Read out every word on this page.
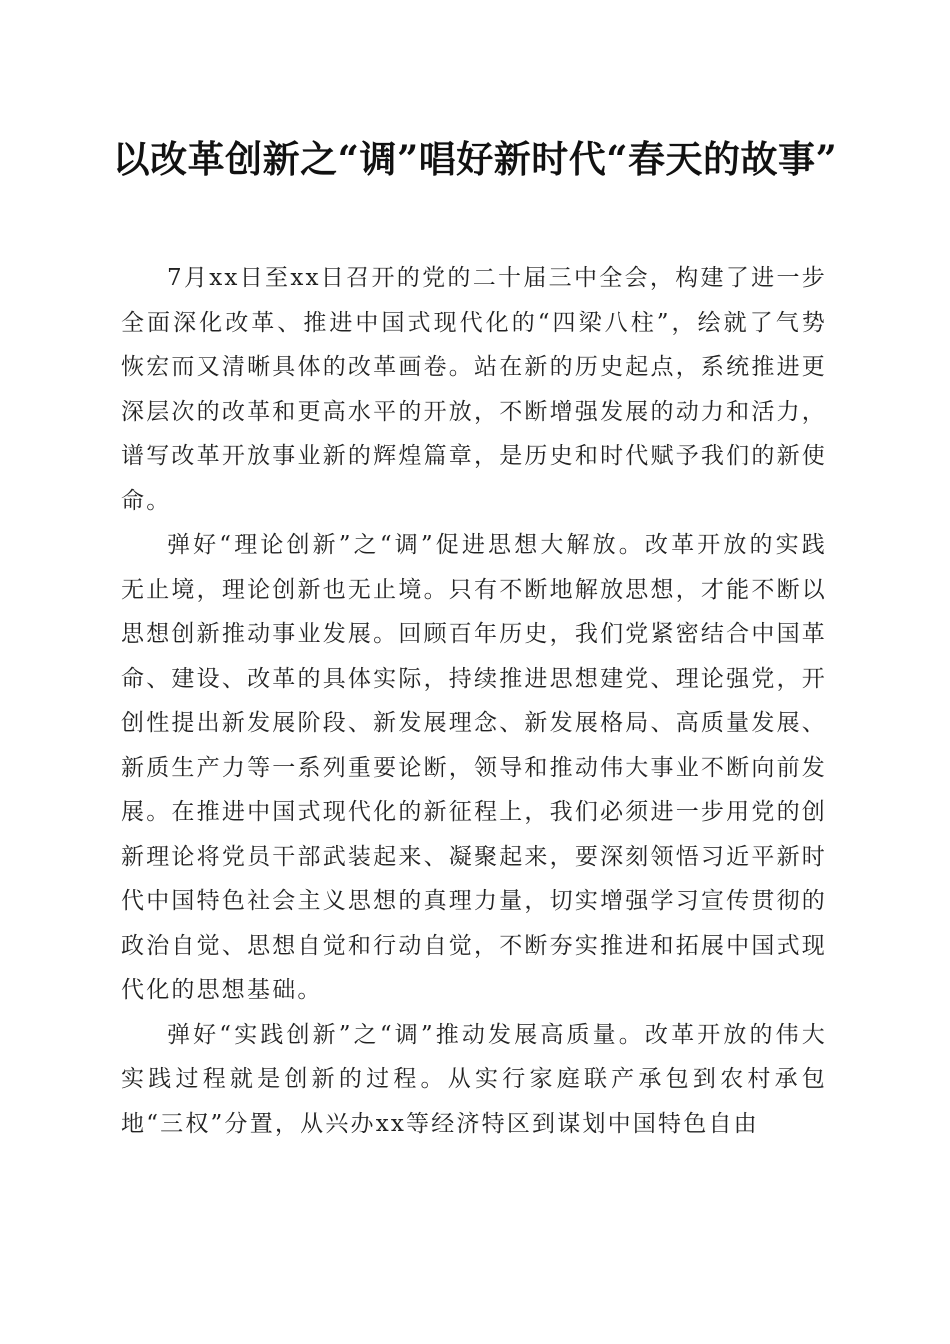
以改革创新之“调”唱好新时代“春天的故事”

7月xx日至xx日召开的党的二十届三中全会，构建了进一步全面深化改革、推进中国式现代化的“四梁八柱”，绘就了气势恢宏而又清晰具体的改革画卷。站在新的历史起点，系统推进更深层次的改革和更高水平的开放，不断增强发展的动力和活力，谱写改革开放事业新的辉煌篇章，是历史和时代赋予我们的新使命。

弹好“理论创新”之“调”促进思想大解放。改革开放的实践无止境，理论创新也无止境。只有不断地解放思想，才能不断以思想创新推动事业发展。回顾百年历史，我们党紧密结合中国革命、建设、改革的具体实际，持续推进思想建党、理论强党，开创性提出新发展阶段、新发展理念、新发展格局、高质量发展、新质生产力等一系列重要论断，领导和推动伟大事业不断向前发展。在推进中国式现代化的新征程上，我们必须进一步用党的创新理论将党员干部武装起来、凝聚起来，要深刻领悟习近平新时代中国特色社会主义思想的真理力量，切实增强学习宣传贯彻的政治自觉、思想自觉和行动自觉，不断夯实推进和拓展中国式现代化的思想基础。

弹好“实践创新”之“调”推动发展高质量。改革开放的伟大实践过程就是创新的过程。从实行家庭联产承包到农村承包地“三权”分置，从兴办xx等经济特区到谋划中国特色自由
